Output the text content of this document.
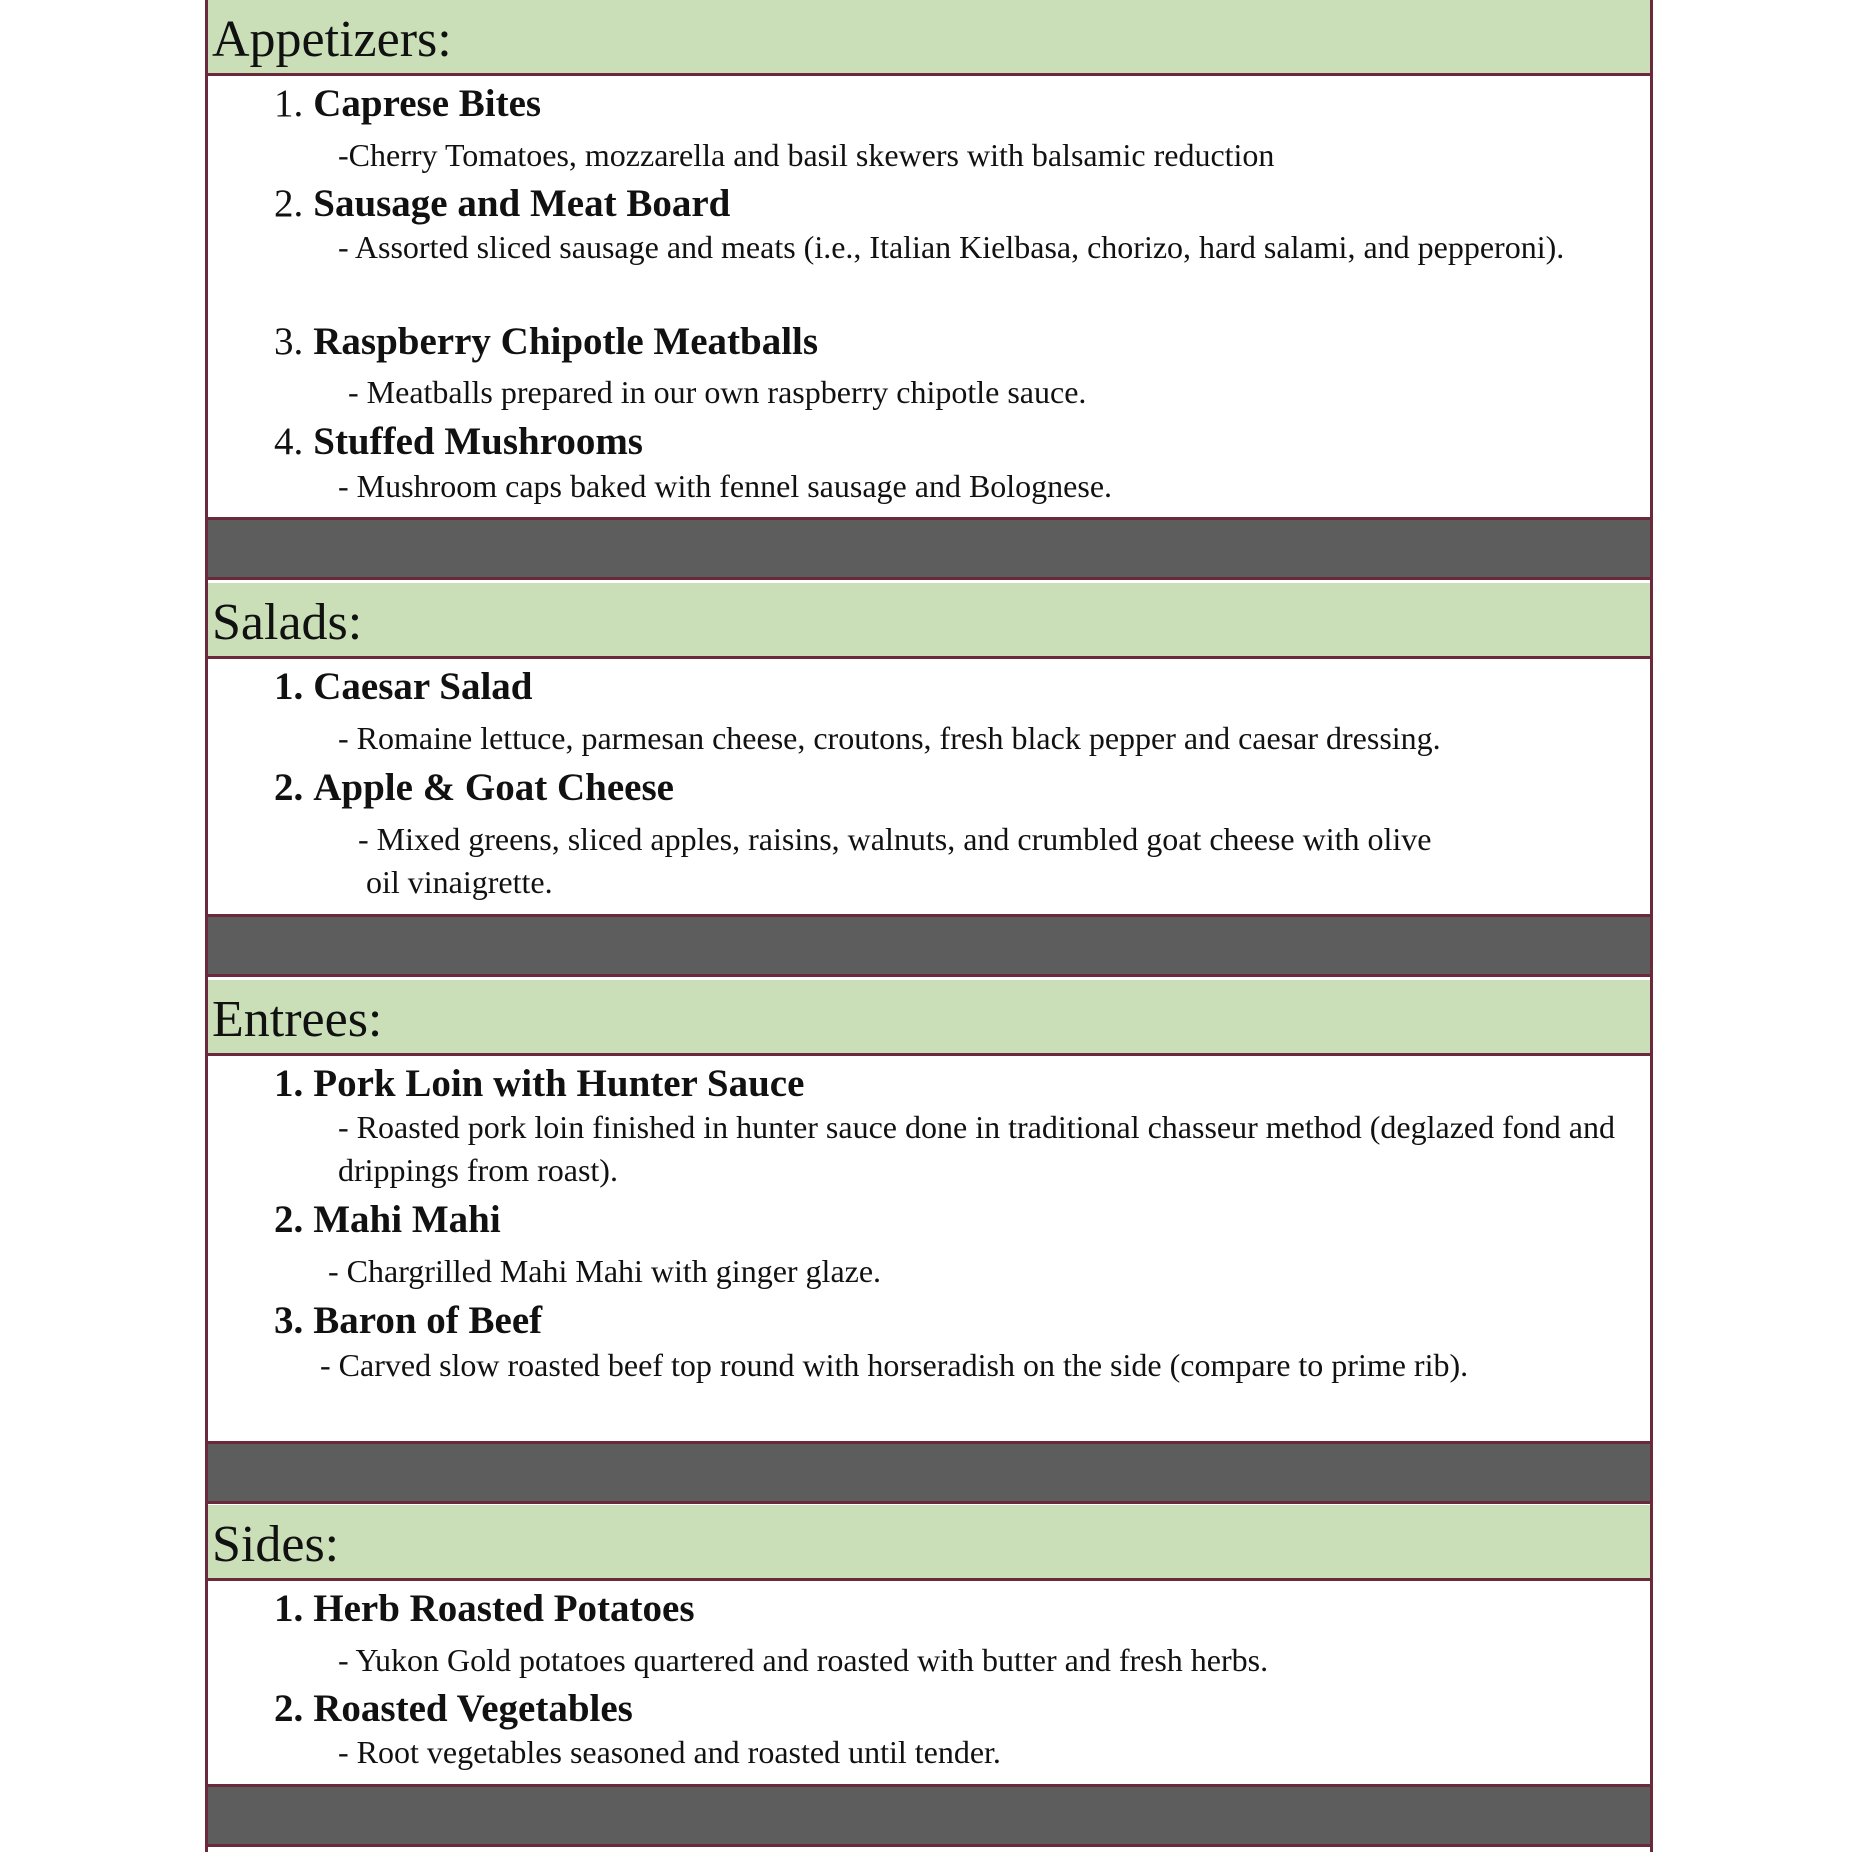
Appetizers:
1. Caprese Bites
-Cherry Tomatoes, mozzarella and basil skewers with balsamic reduction
2. Sausage and Meat Board
- Assorted sliced sausage and meats (i.e., Italian Kielbasa, chorizo, hard salami, and pepperoni).
3. Raspberry Chipotle Meatballs
- Meatballs prepared in our own raspberry chipotle sauce.
4. Stuffed Mushrooms
- Mushroom caps baked with fennel sausage and Bolognese.
Salads:
1. Caesar Salad
- Romaine lettuce, parmesan cheese, croutons, fresh black pepper and caesar dressing.
2. Apple & Goat Cheese
- Mixed greens, sliced apples, raisins, walnuts, and crumbled goat cheese with olive oil vinaigrette.
Entrees:
1. Pork Loin with Hunter Sauce
- Roasted pork loin finished in hunter sauce done in traditional chasseur method (deglazed fond and drippings from roast).
2. Mahi Mahi
- Chargrilled Mahi Mahi with ginger glaze.
3. Baron of Beef
- Carved slow roasted beef top round with horseradish on the side (compare to prime rib).
Sides:
1. Herb Roasted Potatoes
- Yukon Gold potatoes quartered and roasted with butter and fresh herbs.
2. Roasted Vegetables
- Root vegetables seasoned and roasted until tender.
